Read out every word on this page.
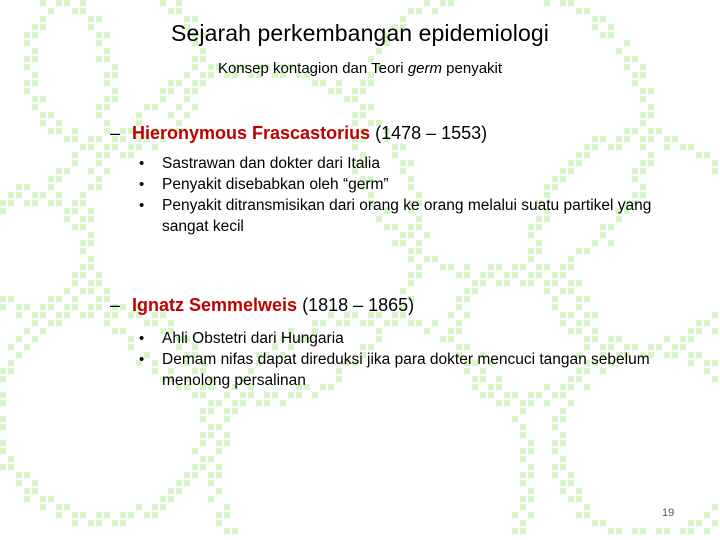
Sejarah perkembangan epidemiologi
Konsep kontagion dan Teori germ penyakit
– Hieronymous Frascastorius (1478 – 1553)
• Sastrawan dan dokter dari Italia
• Penyakit disebabkan oleh “germ”
• Penyakit ditransmisikan dari orang ke orang melalui suatu partikel yang sangat kecil
– Ignatz Semmelweis (1818 – 1865)
• Ahli Obstetri dari Hungaria
• Demam nifas dapat direduksi jika para dokter mencuci tangan sebelum menolong persalinan
19
